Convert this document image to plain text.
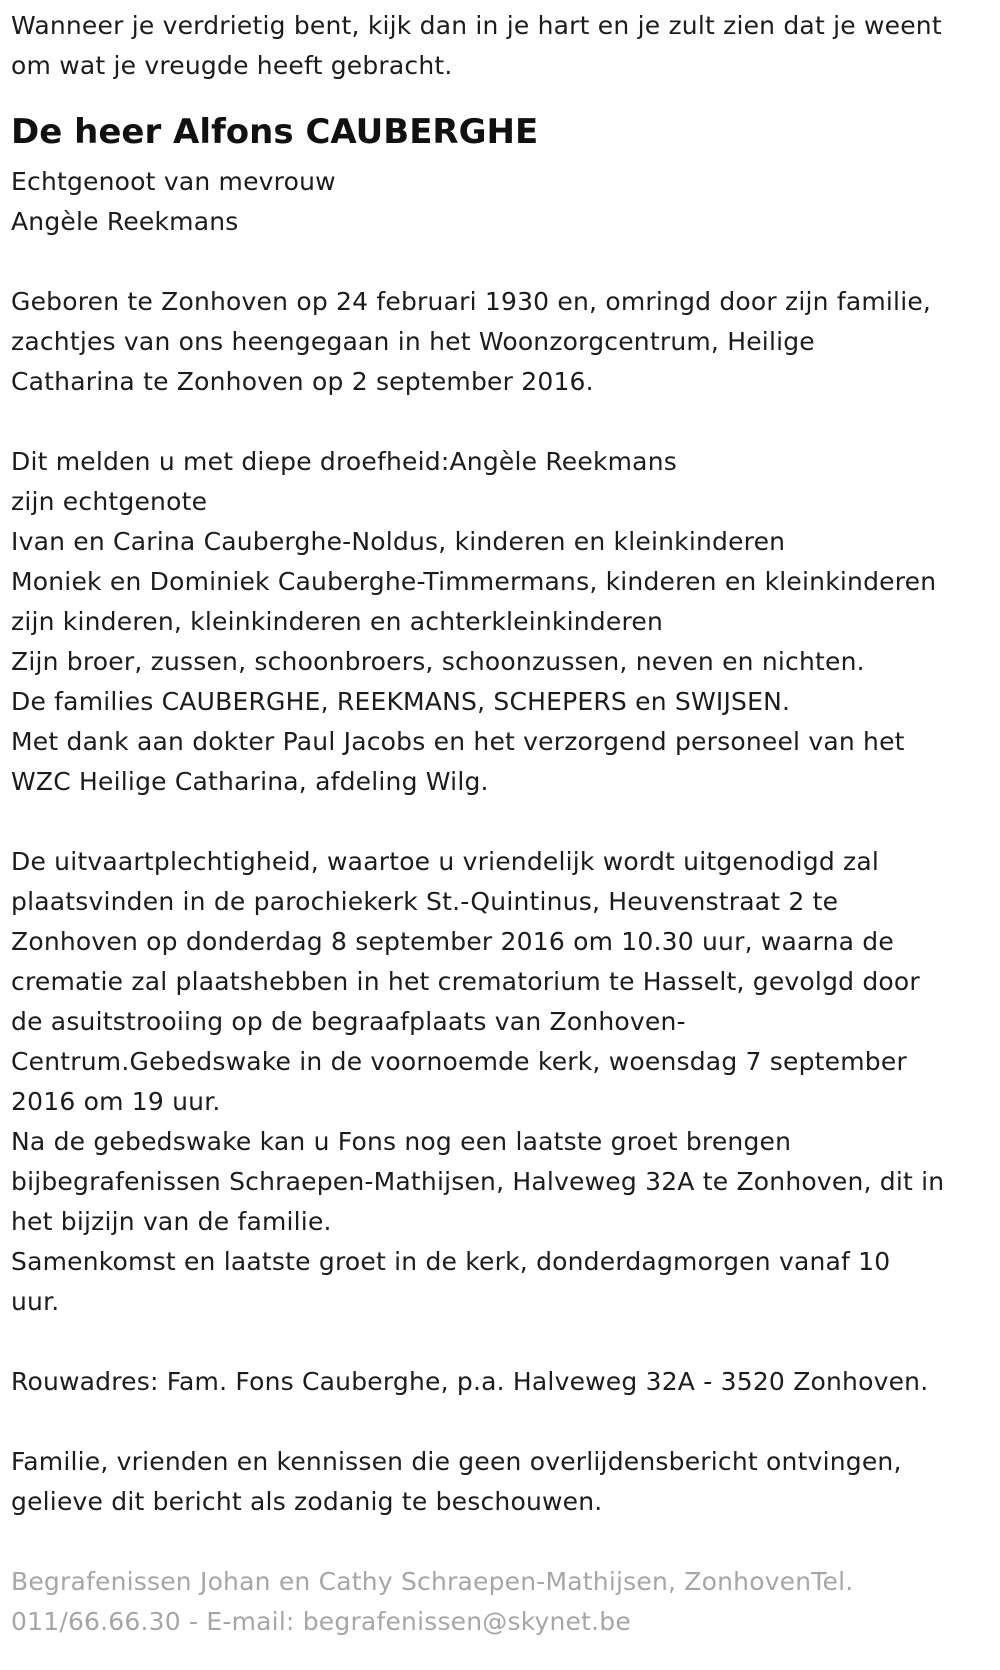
Wanneer je verdrietig bent, kijk dan in je hart en je zult zien dat je weent

om wat je vreugde heeft gebracht.

De heer Alfons CAUBERGHE

Echtgenoot van mevrouw

Angèle Reekmans

Geboren te Zonhoven op 24 februari 1930 en, omringd door zijn familie,

zachtjes van ons heengegaan in het Woonzorgcentrum, Heilige

Catharina te Zonhoven op 2 september 2016.

Dit melden u met diepe droefheid:Angèle Reekmans

zijn echtgenote

Ivan en Carina Cauberghe-Noldus, kinderen en kleinkinderen

Moniek en Dominiek Cauberghe-Timmermans, kinderen en kleinkinderen

zijn kinderen, kleinkinderen en achterkleinkinderen

Zijn broer, zussen, schoonbroers, schoonzussen, neven en nichten.

De families CAUBERGHE, REEKMANS, SCHEPERS en SWIJSEN.

Met dank aan dokter Paul Jacobs en het verzorgend personeel van het

WZC Heilige Catharina, afdeling Wilg.

De uitvaartplechtigheid, waartoe u vriendelijk wordt uitgenodigd zal

plaatsvinden in de parochiekerk St.-Quintinus, Heuvenstraat 2 te

Zonhoven op donderdag 8 september 2016 om 10.30 uur, waarna de

crematie zal plaatshebben in het crematorium te Hasselt, gevolgd door

de asuitstrooiing op de begraafplaats van Zonhoven-

Centrum.Gebedswake in de voornoemde kerk, woensdag 7 september

2016 om 19 uur.

Na de gebedswake kan u Fons nog een laatste groet brengen

bijbegrafenissen Schraepen-Mathijsen, Halveweg 32A te Zonhoven, dit in

het bijzijn van de familie.

Samenkomst en laatste groet in de kerk, donderdagmorgen vanaf 10

uur.

Rouwadres: Fam. Fons Cauberghe, p.a. Halveweg 32A - 3520 Zonhoven.

Familie, vrienden en kennissen die geen overlijdensbericht ontvingen,

gelieve dit bericht als zodanig te beschouwen.

Begrafenissen Johan en Cathy Schraepen-Mathijsen, ZonhovenTel.

011/66.66.30 - E-mail: begrafenissen@skynet.be
